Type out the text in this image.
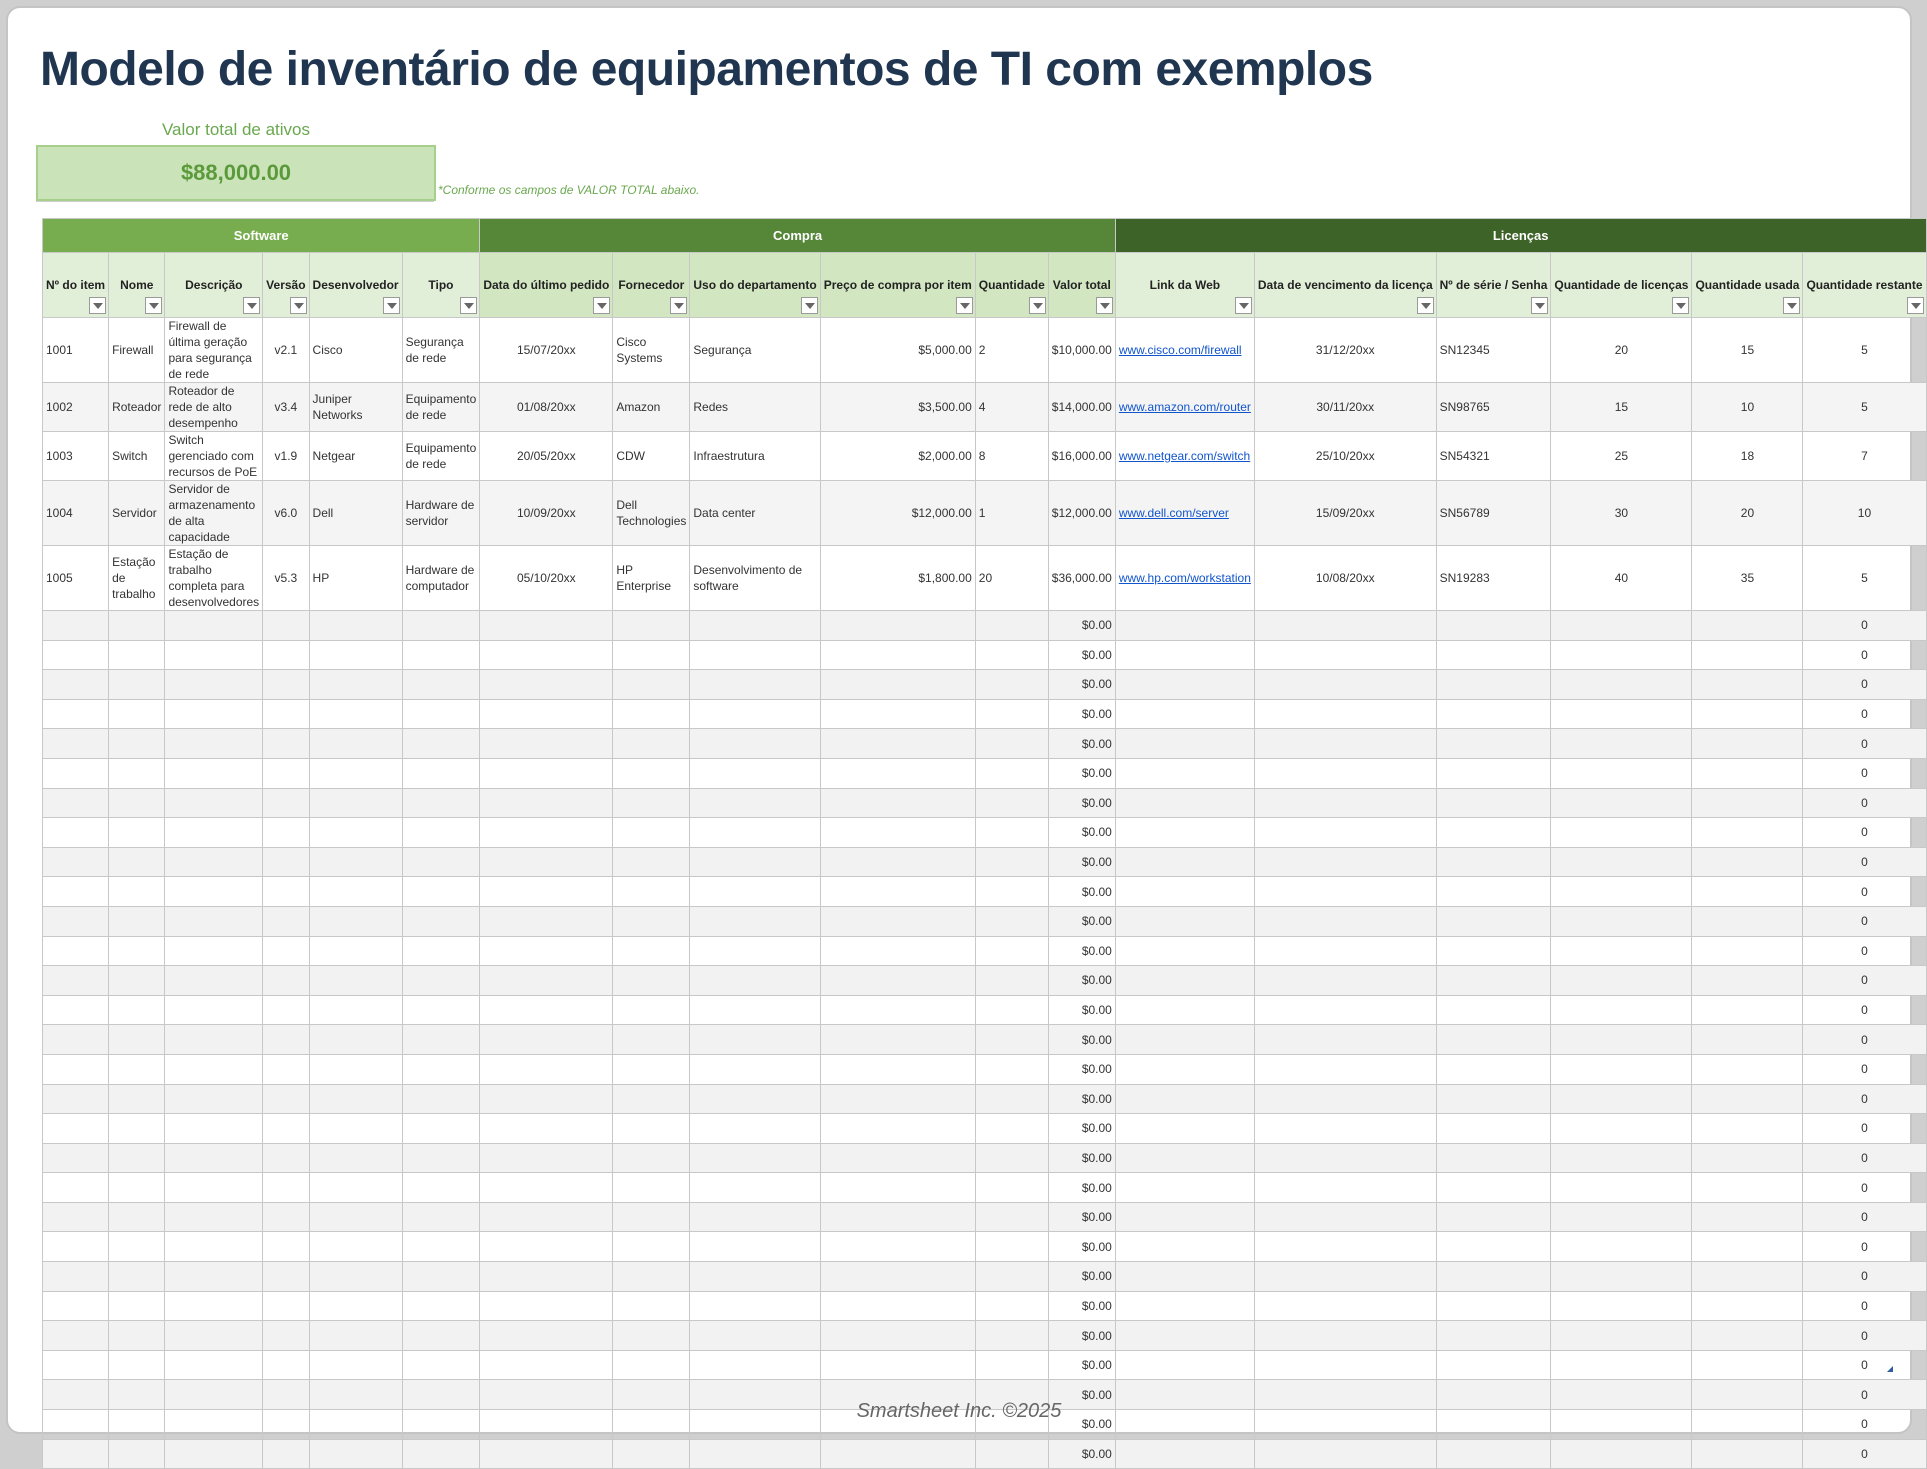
Modelo de inventário de equipamentos de TI com exemplos
Valor total de ativos
$88,000.00
*Conforme os campos de VALOR TOTAL abaixo.
Software						Compra						Licenças					
Nº do item	Nome	Descrição	Versão	Desenvolvedor	Tipo	Data do último pedido	Fornecedor	Uso do departamento	Preço de compra por item	Quantidade	Valor total	Link da Web	Data de vencimento da licença	Nº de série / Senha	Quantidade de licenças	Quantidade usada	Quantidade restante

1001	Firewall	Firewall de última geração para segurança de rede	v2.1	Cisco	Segurança de rede	15/07/20xx	Cisco Systems	Segurança	$5,000.00	2	$10,000.00	www.cisco.com/firewall	31/12/20xx	SN12345	20	15	5
1002	Roteador	Roteador de rede de alto desempenho	v3.4	Juniper Networks	Equipamento de rede	01/08/20xx	Amazon	Redes	$3,500.00	4	$14,000.00	www.amazon.com/router	30/11/20xx	SN98765	15	10	5
1003	Switch	Switch gerenciado com recursos de PoE	v1.9	Netgear	Equipamento de rede	20/05/20xx	CDW	Infraestrutura	$2,000.00	8	$16,000.00	www.netgear.com/switch	25/10/20xx	SN54321	25	18	7
1004	Servidor	Servidor de armazenamento de alta capacidade	v6.0	Dell	Hardware de servidor	10/09/20xx	Dell Technologies	Data center	$12,000.00	1	$12,000.00	www.dell.com/server	15/09/20xx	SN56789	30	20	10
1005	Estação de trabalho	Estação de trabalho completa para desenvolvedores	v5.3	HP	Hardware de computador	05/10/20xx	HP Enterprise	Desenvolvimento de software	$1,800.00	20	$36,000.00	www.hp.com/workstation	10/08/20xx	SN19283	40	35	5
											$0.00						0
											$0.00						0
											$0.00						0
											$0.00						0
											$0.00						0
											$0.00						0
											$0.00						0
											$0.00						0
											$0.00						0
											$0.00						0
											$0.00						0
											$0.00						0
											$0.00						0
											$0.00						0
											$0.00						0
											$0.00						0
											$0.00						0
											$0.00						0
											$0.00						0
											$0.00						0
											$0.00						0
											$0.00						0
											$0.00						0
											$0.00						0
											$0.00						0
											$0.00						0
											$0.00						0
											$0.00						0
											$0.00						0
Smartsheet Inc. ©2025
